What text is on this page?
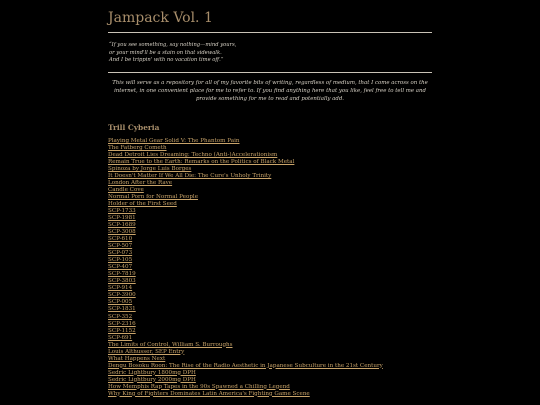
Jampack Vol. 1
“If you see something, say nothing—mind yours,
or your mind'll be a stain on that sidewalk.
And I be trippin' with no vacation time off.”

This will serve as a repository for all of my favorite bits of writing, regardless of medium, that I come across on the internet, in one convenient place for me to refer to. If you find anything here that you like, feel free to tell me and provide something for me to read and potentially add.

Trill Cyberia
Playing Metal Gear Solid V: The Phantom Pain
The Fatberg Cometh
Dead Detroit Lies Dreaming: Techno (Anti-)Accelerationism
Remain True to the Earth: Remarks on the Politics of Black Metal
Spinoza by Jorge Luis Borges
It Doesn't Matter If We All Die: The Cure's Unholy Trinity
London After the Rave
Candle Cove
Normal Porn for Normal People
Holder of the First Seed
SCP-1733
SCP-1981
SCP-1689
SCP-3008
SCP-610
SCP-507
SCP-073
SCP-105
SCP-407
SCP-7819
SCP-3803
SCP-914
SCP-3900
SCP-005
SCP-1831
SCP-352
SCP-2316
SCP-1152
SCP-691
The Limits of Control, William S. Burroughs
Louis Althusser, SEP Entry
What Happens Next
Dengu Bosoku Roon: The Rise of the Radio Aesthetic in Japanese Subculture in the 21st Century
Sedric Lightbury 1800mg DPH
Sedric Lightbury 2000mg DPH
How Memphis Rap Tapes in the 90s Spawned a Chilling Legend
Why King of Fighters Dominates Latin America's Fighting Game Scene
